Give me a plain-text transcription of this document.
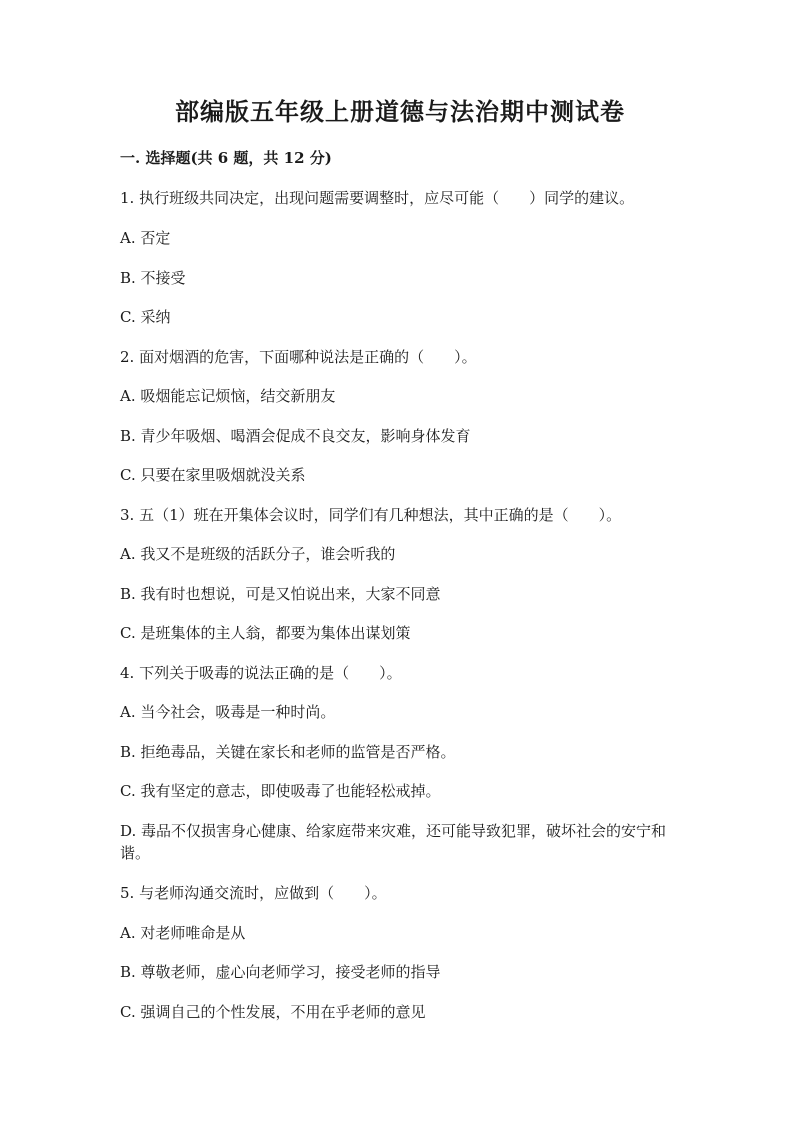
部编版五年级上册道德与法治期中测试卷
一. 选择题(共 6 题，共 12 分)
1. 执行班级共同决定，出现问题需要调整时，应尽可能（　　）同学的建议。
A. 否定
B. 不接受
C. 采纳
2. 面对烟酒的危害，下面哪种说法是正确的（　　）。
A. 吸烟能忘记烦恼，结交新朋友
B. 青少年吸烟、喝酒会促成不良交友，影响身体发育
C. 只要在家里吸烟就没关系
3. 五（1）班在开集体会议时，同学们有几种想法，其中正确的是（　　）。
A. 我又不是班级的活跃分子，谁会听我的
B. 我有时也想说，可是又怕说出来，大家不同意
C. 是班集体的主人翁，都要为集体出谋划策
4. 下列关于吸毒的说法正确的是（　　）。
A. 当今社会，吸毒是一种时尚。
B. 拒绝毒品，关键在家长和老师的监管是否严格。
C. 我有坚定的意志，即使吸毒了也能轻松戒掉。
D. 毒品不仅损害身心健康、给家庭带来灾难，还可能导致犯罪，破坏社会的安宁和谐。
5. 与老师沟通交流时，应做到（　　）。
A. 对老师唯命是从
B. 尊敬老师，虚心向老师学习，接受老师的指导
C. 强调自己的个性发展，不用在乎老师的意见
